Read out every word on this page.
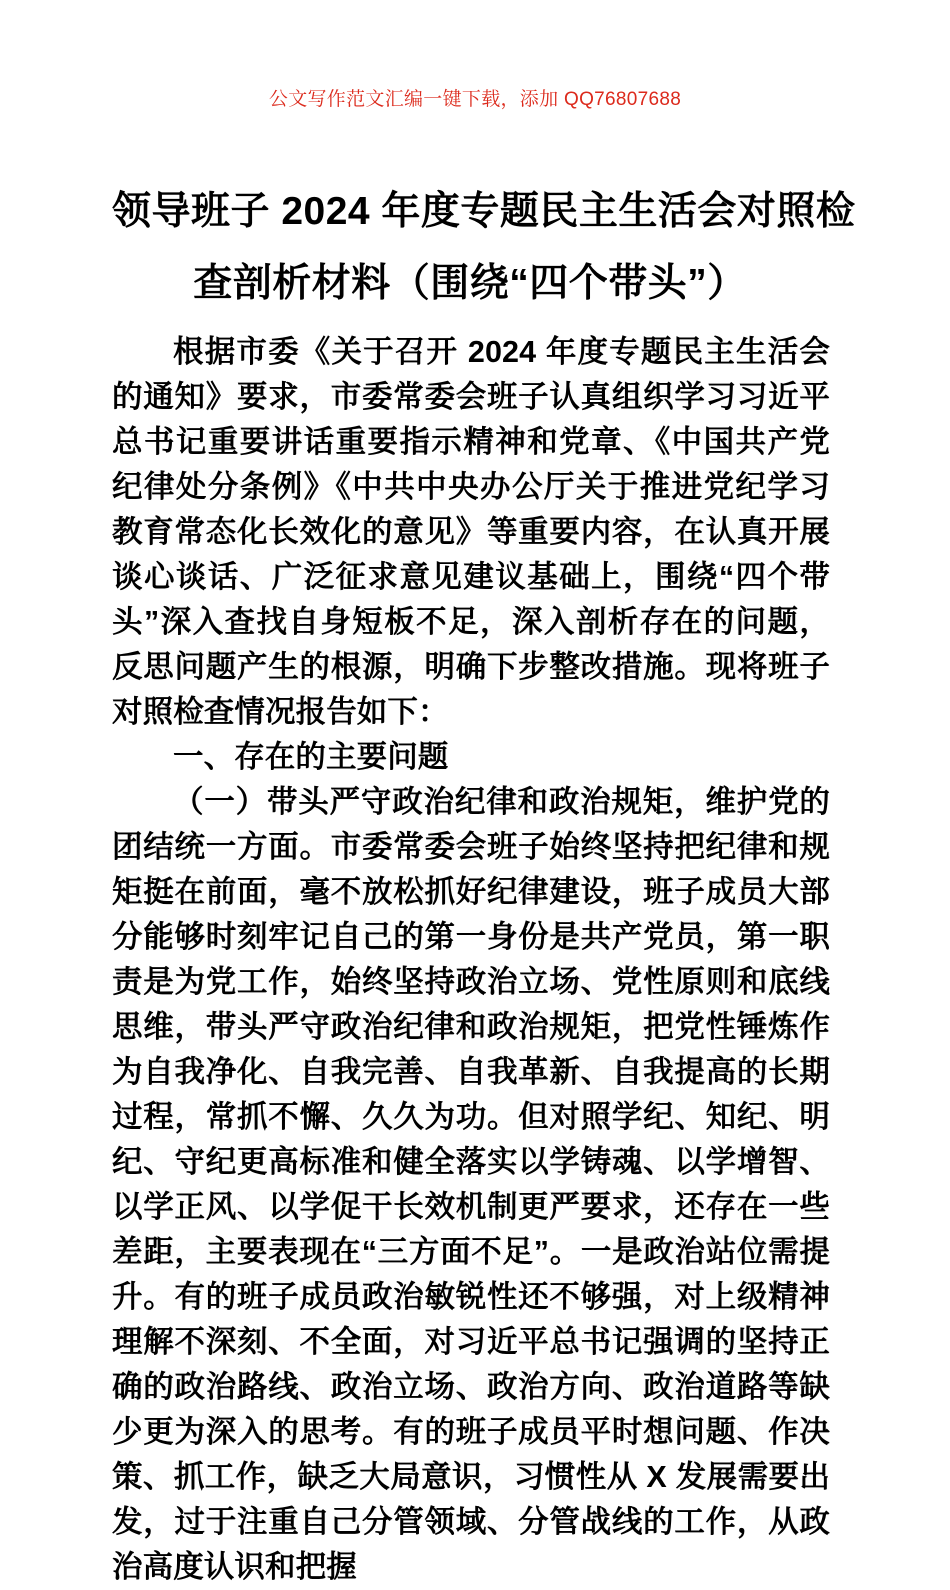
公文写作范文汇编一键下载，添加 QQ76807688
领导班子 2024 年度专题民主生活会对照检
查剖析材料（围绕“四个带头”）

根据市委《关于召开 2024 年度专题民主生活会的通知》要求，市委常委会班子认真组织学习习近平总书记重要讲话重要指示精神和党章、《中国共产党纪律处分条例》《中共中央办公厅关于推进党纪学习教育常态化长效化的意见》等重要内容，在认真开展谈心谈话、广泛征求意见建议基础上，围绕“四个带头”深入查找自身短板不足，深入剖析存在的问题，反思问题产生的根源，明确下步整改措施。现将班子对照检查情况报告如下：

一、存在的主要问题

（一）带头严守政治纪律和政治规矩，维护党的团结统一方面。市委常委会班子始终坚持把纪律和规矩挺在前面，毫不放松抓好纪律建设，班子成员大部分能够时刻牢记自己的第一身份是共产党员，第一职责是为党工作，始终坚持政治立场、党性原则和底线思维，带头严守政治纪律和政治规矩，把党性锤炼作为自我净化、自我完善、自我革新、自我提高的长期过程，常抓不懈、久久为功。但对照学纪、知纪、明纪、守纪更高标准和健全落实以学铸魂、以学增智、以学正风、以学促干长效机制更严要求，还存在一些差距，主要表现在“三方面不足”。一是政治站位需提升。有的班子成员政治敏锐性还不够强，对上级精神理解不深刻、不全面，对习近平总书记强调的坚持正确的政治路线、政治立场、政治方向、政治道路等缺少更为深入的思考。有的班子成员平时想问题、作决策、抓工作，缺乏大局意识，习惯性从 X 发展需要出发，过于注重自己分管领域、分管战线的工作，从政治高度认识和把握
